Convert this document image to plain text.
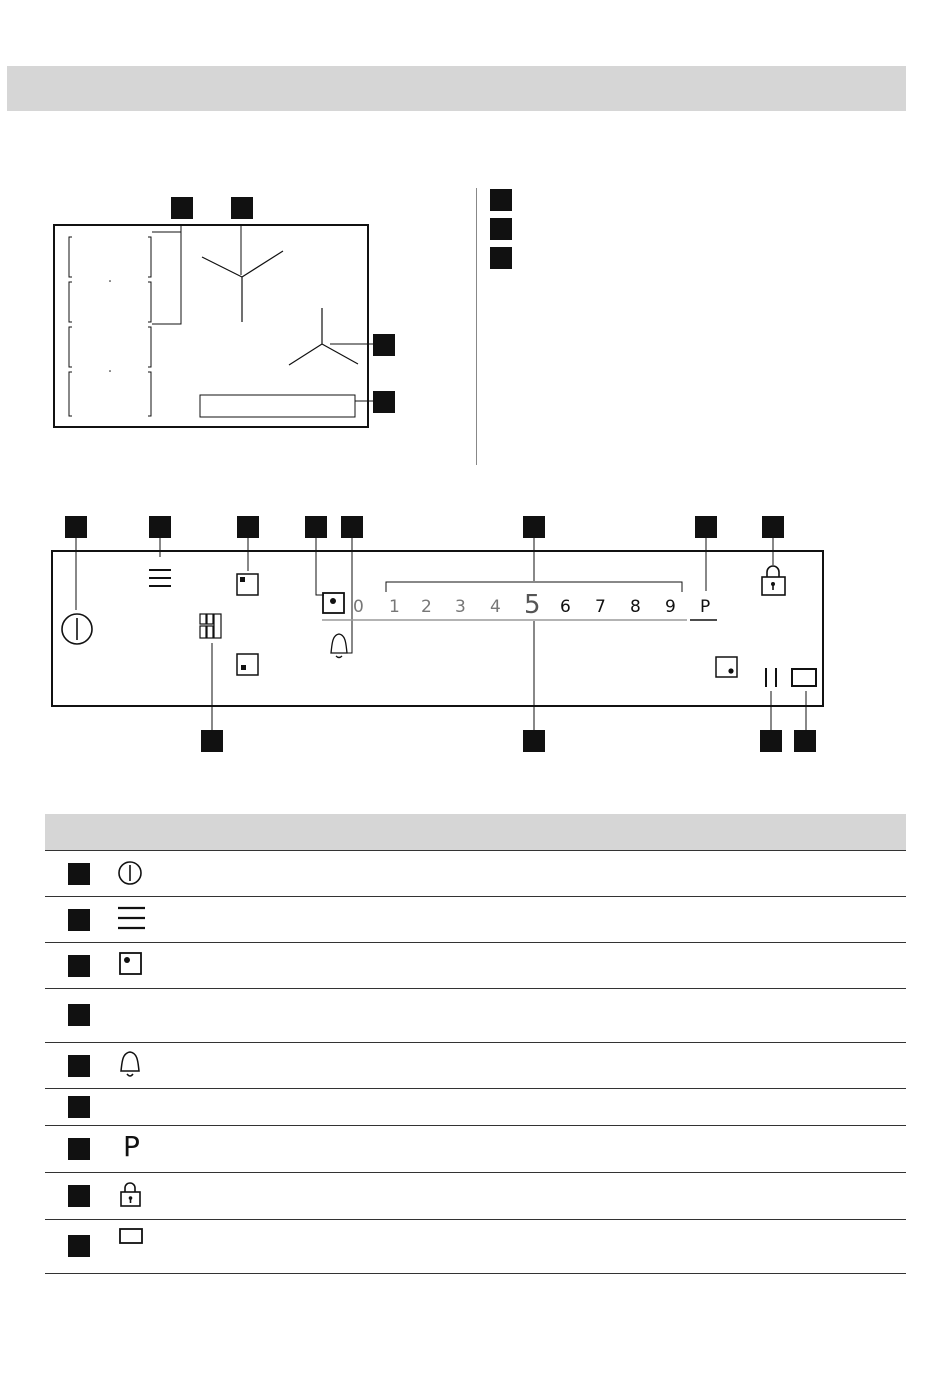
0 1 2 3 4 5 6 7 8 9 P
P
